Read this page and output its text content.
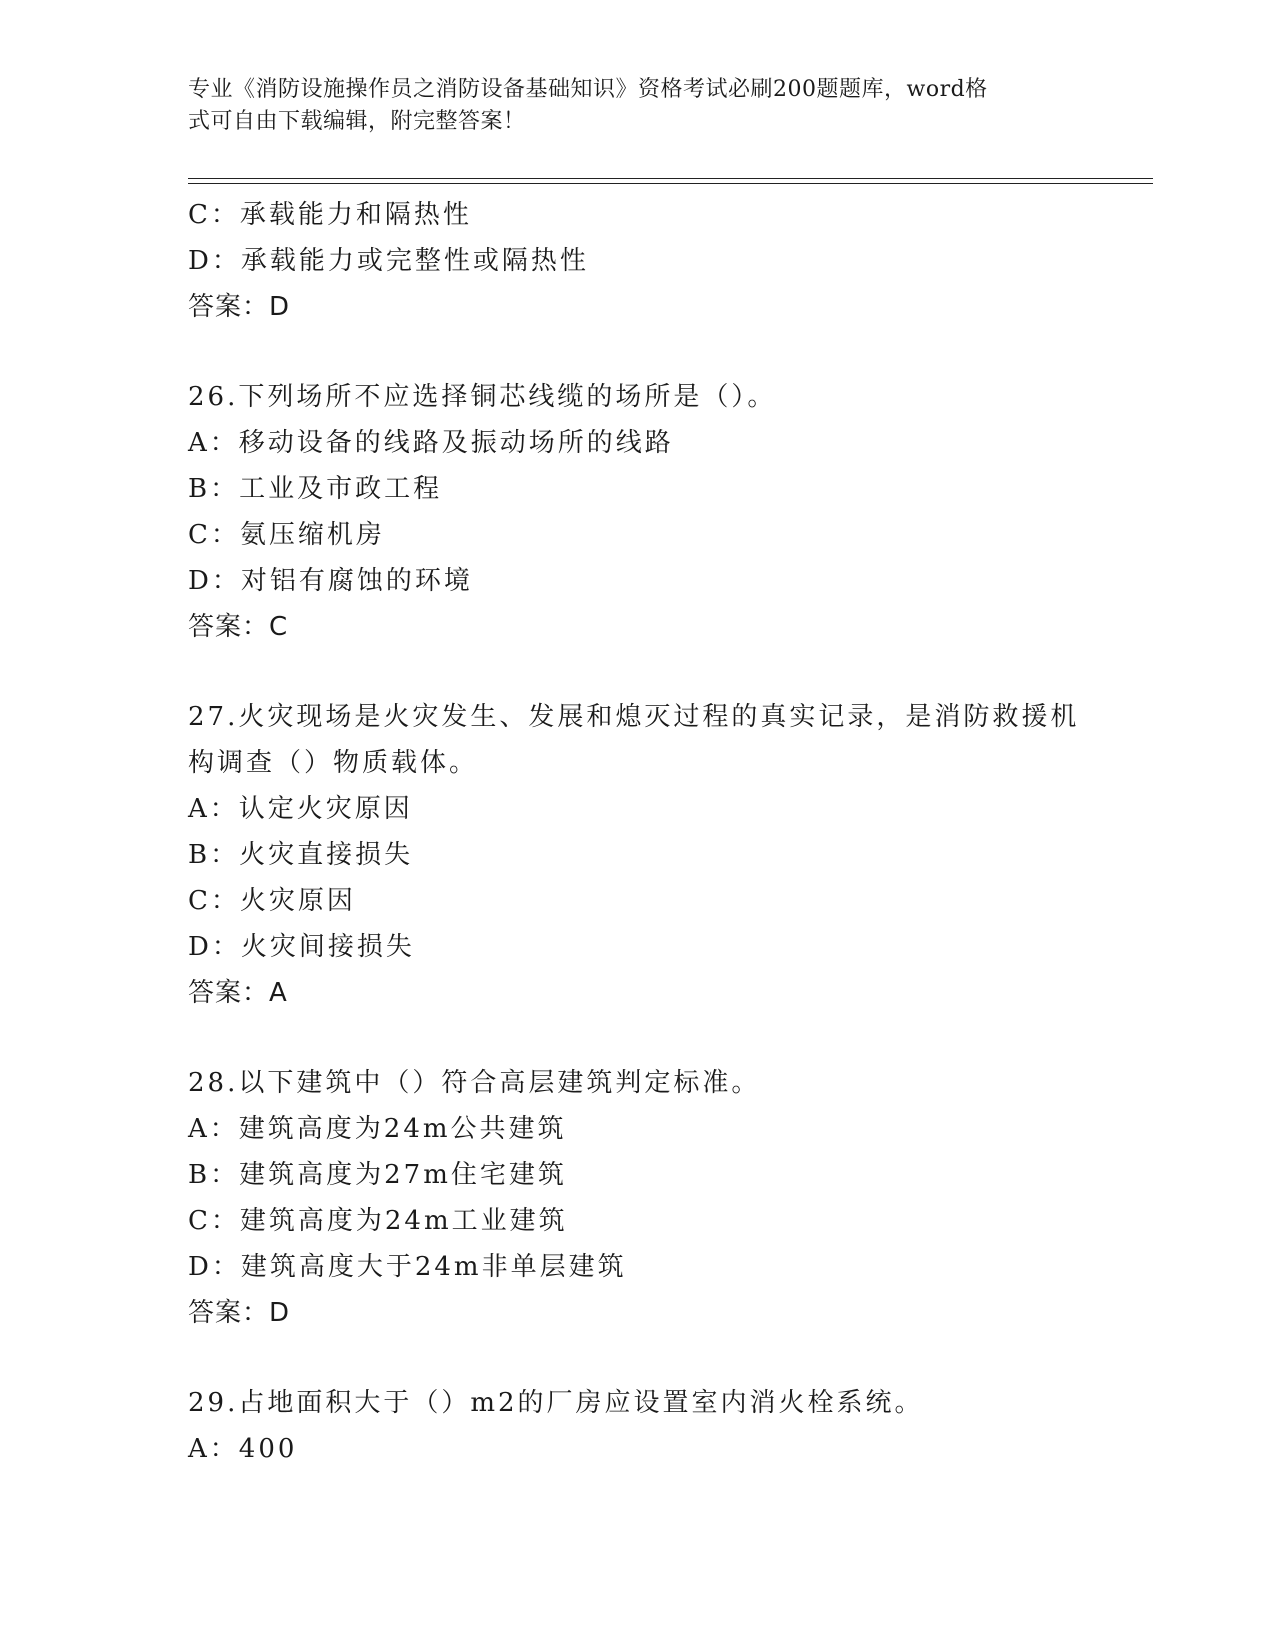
专业《消防设施操作员之消防设备基础知识》资格考试必刷200题题库，word格
式可自由下载编辑，附完整答案！
C：承载能力和隔热性
D：承载能力或完整性或隔热性
答案：D
26.下列场所不应选择铜芯线缆的场所是（）。
A：移动设备的线路及振动场所的线路
B：工业及市政工程
C：氨压缩机房
D：对铝有腐蚀的环境
答案：C
27.火灾现场是火灾发生、发展和熄灭过程的真实记录，是消防救援机
构调查（）物质载体。
A：认定火灾原因
B：火灾直接损失
C：火灾原因
D：火灾间接损失
答案：A
28.以下建筑中（）符合高层建筑判定标准。
A：建筑高度为24m公共建筑
B：建筑高度为27m住宅建筑
C：建筑高度为24m工业建筑
D：建筑高度大于24m非单层建筑
答案：D
29.占地面积大于（）m2的厂房应设置室内消火栓系统。
A：400
